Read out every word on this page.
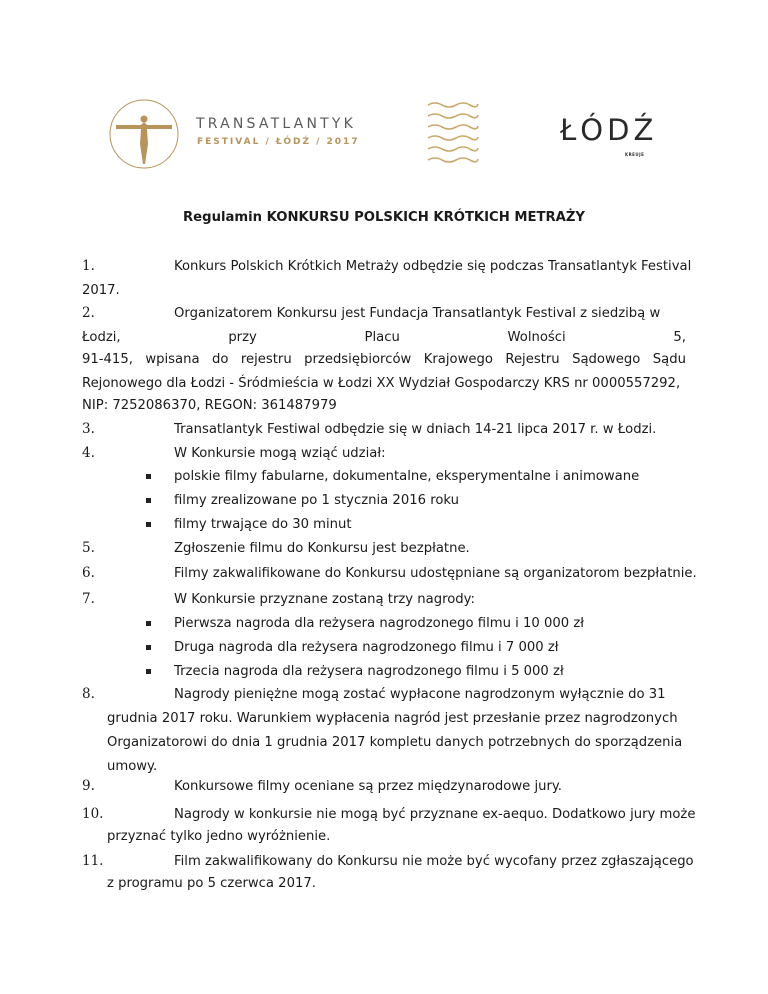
TRANSATLANTYK
FESTIVAL / ŁÓDŹ / 2017	ŁÓDŹ
KREUJE
Regulamin KONKURSU POLSKICH KRÓTKICH METRAŻY
1.	Konkurs Polskich Krótkich Metraży odbędzie się podczas Transatlantyk Festival
2017.
2.	Organizatorem Konkursu jest Fundacja Transatlantyk Festival z siedzibą w
Łodzi,	przy	Placu	Wolności	5,
91-415, wpisana do rejestru przedsiębiorców Krajowego Rejestru Sądowego Sądu
Rejonowego dla Łodzi - Śródmieścia w Łodzi XX Wydział Gospodarczy KRS nr 0000557292,
NIP: 7252086370, REGON: 361487979
3.	Transatlantyk Festiwal odbędzie się w dniach 14-21 lipca 2017 r. w Łodzi.
4.	W Konkursie mogą wziąć udział:
polskie filmy fabularne, dokumentalne, eksperymentalne i animowane
filmy zrealizowane po 1 stycznia 2016 roku
filmy trwające do 30 minut
5.	Zgłoszenie filmu do Konkursu jest bezpłatne.
6.	Filmy zakwalifikowane do Konkursu udostępniane są organizatorom bezpłatnie.
7.	W Konkursie przyznane zostaną trzy nagrody:
Pierwsza nagroda dla reżysera nagrodzonego filmu i 10 000 zł
Druga nagroda dla reżysera nagrodzonego filmu i 7 000 zł
Trzecia nagroda dla reżysera nagrodzonego filmu i 5 000 zł
8.	Nagrody pieniężne mogą zostać wypłacone nagrodzonym wyłącznie do 31
grudnia 2017 roku. Warunkiem wypłacenia nagród jest przesłanie przez nagrodzonych
Organizatorowi do dnia 1 grudnia 2017 kompletu danych potrzebnych do sporządzenia
umowy.
9.	Konkursowe filmy oceniane są przez międzynarodowe jury.
10.	Nagrody w konkursie nie mogą być przyznane ex-aequo. Dodatkowo jury może
przyznać tylko jedno wyróżnienie.
11.	Film zakwalifikowany do Konkursu nie może być wycofany przez zgłaszającego
z programu po 5 czerwca 2017.
